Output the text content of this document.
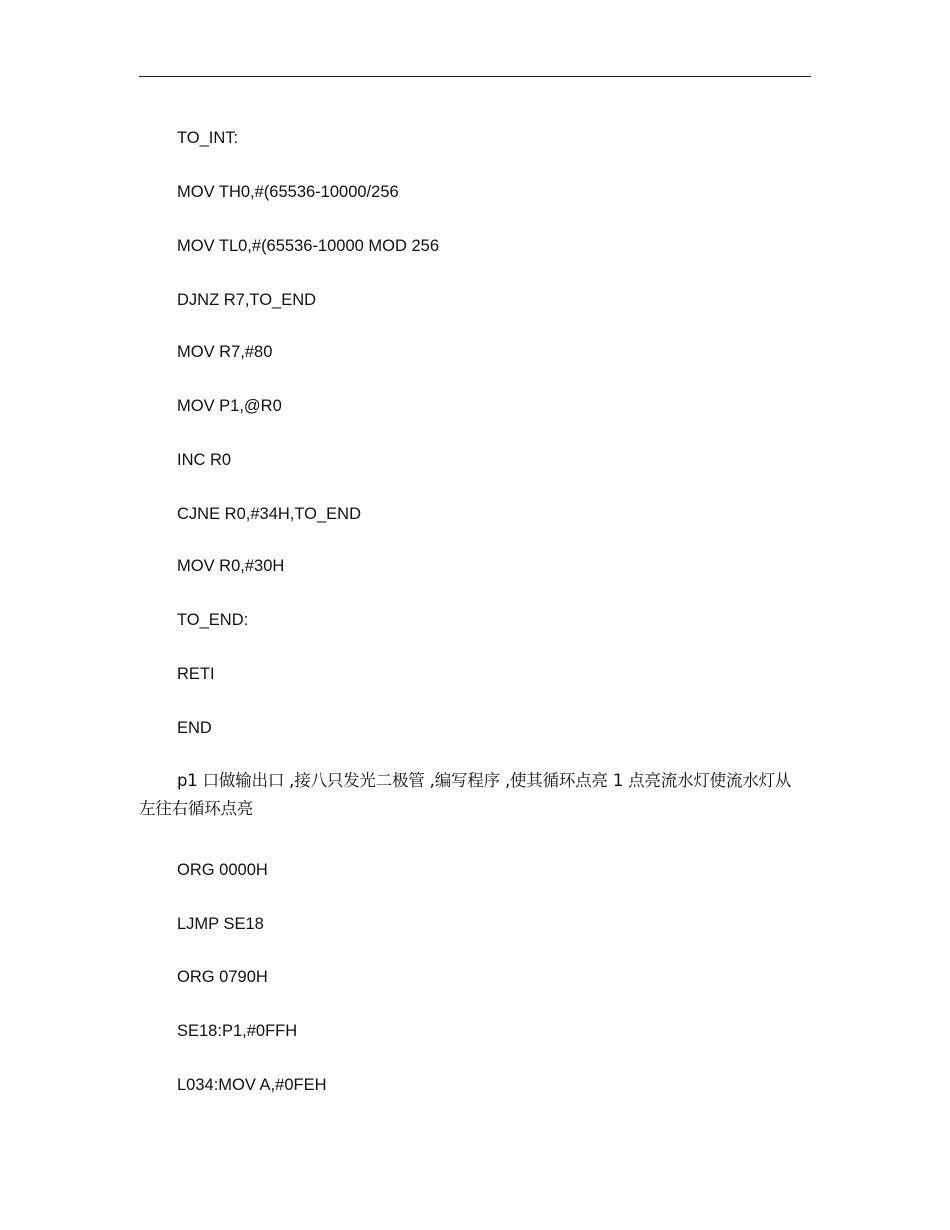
TO_INT:
MOV TH0,#(65536-10000/256
MOV TL0,#(65536-10000 MOD 256
DJNZ R7,TO_END
MOV R7,#80
MOV P1,@R0
INC R0
CJNE R0,#34H,TO_END
MOV R0,#30H
TO_END:
RETI
END
p1 口做输出口 ,接八只发光二极管 ,编写程序 ,使其循环点亮 1 点亮流水灯使流水灯从左往右循环点亮
ORG 0000H
LJMP SE18
ORG 0790H
SE18:P1,#0FFH
L034:MOV A,#0FEH
